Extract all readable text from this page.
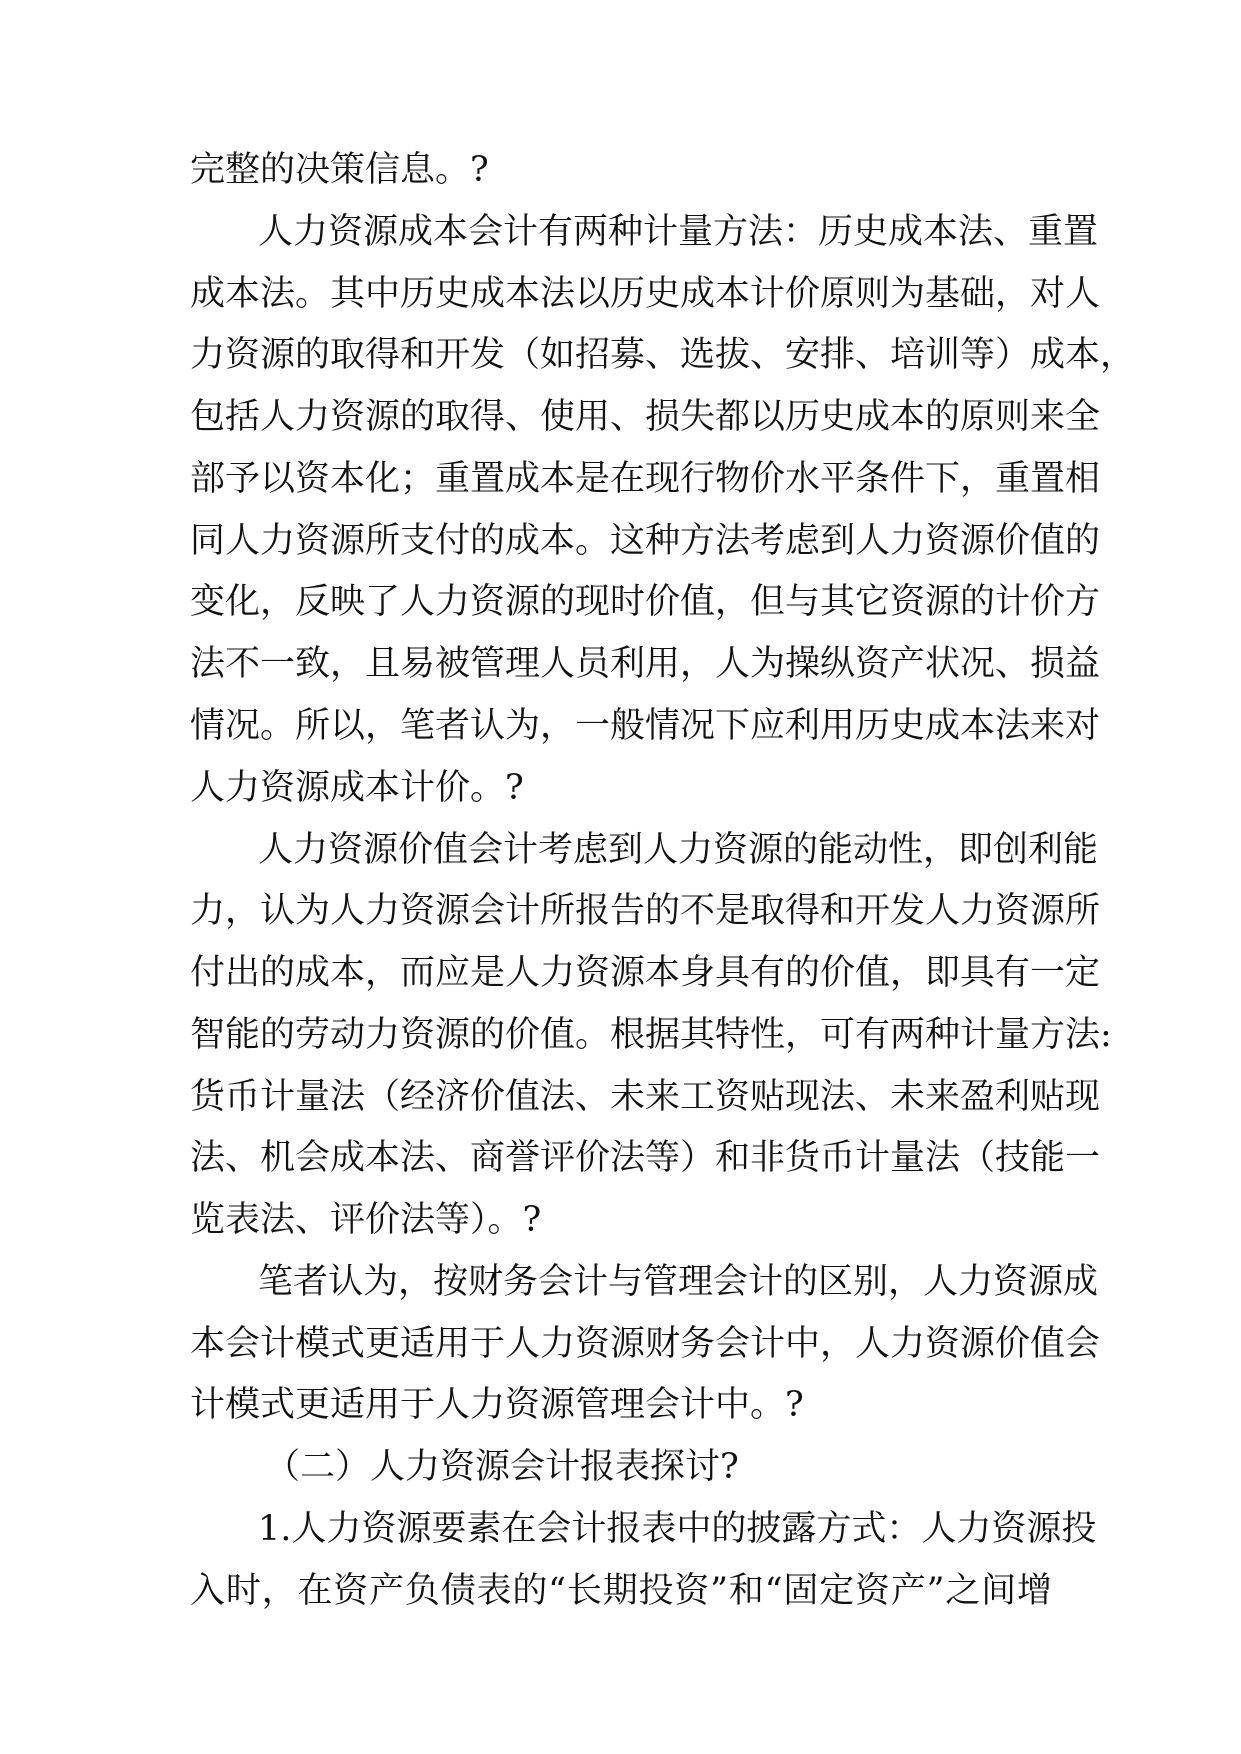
完整的决策信息。?
人力资源成本会计有两种计量方法：历史成本法、重置
成本法。其中历史成本法以历史成本计价原则为基础，对人
力资源的取得和开发（如招募、选拔、安排、培训等）成本，
包括人力资源的取得、使用、损失都以历史成本的原则来全
部予以资本化；重置成本是在现行物价水平条件下，重置相
同人力资源所支付的成本。这种方法考虑到人力资源价值的
变化，反映了人力资源的现时价值，但与其它资源的计价方
法不一致，且易被管理人员利用，人为操纵资产状况、损益
情况。所以，笔者认为，一般情况下应利用历史成本法来对
人力资源成本计价。?
人力资源价值会计考虑到人力资源的能动性，即创利能
力，认为人力资源会计所报告的不是取得和开发人力资源所
付出的成本，而应是人力资源本身具有的价值，即具有一定
智能的劳动力资源的价值。根据其特性，可有两种计量方法:
货币计量法（经济价值法、未来工资贴现法、未来盈利贴现
法、机会成本法、商誉评价法等）和非货币计量法（技能一
览表法、评价法等）。?
笔者认为，按财务会计与管理会计的区别，人力资源成
本会计模式更适用于人力资源财务会计中，人力资源价值会
计模式更适用于人力资源管理会计中。?
（二）人力资源会计报表探讨?
1.人力资源要素在会计报表中的披露方式：人力资源投
入时，在资产负债表的“长期投资”和“固定资产”之间增
